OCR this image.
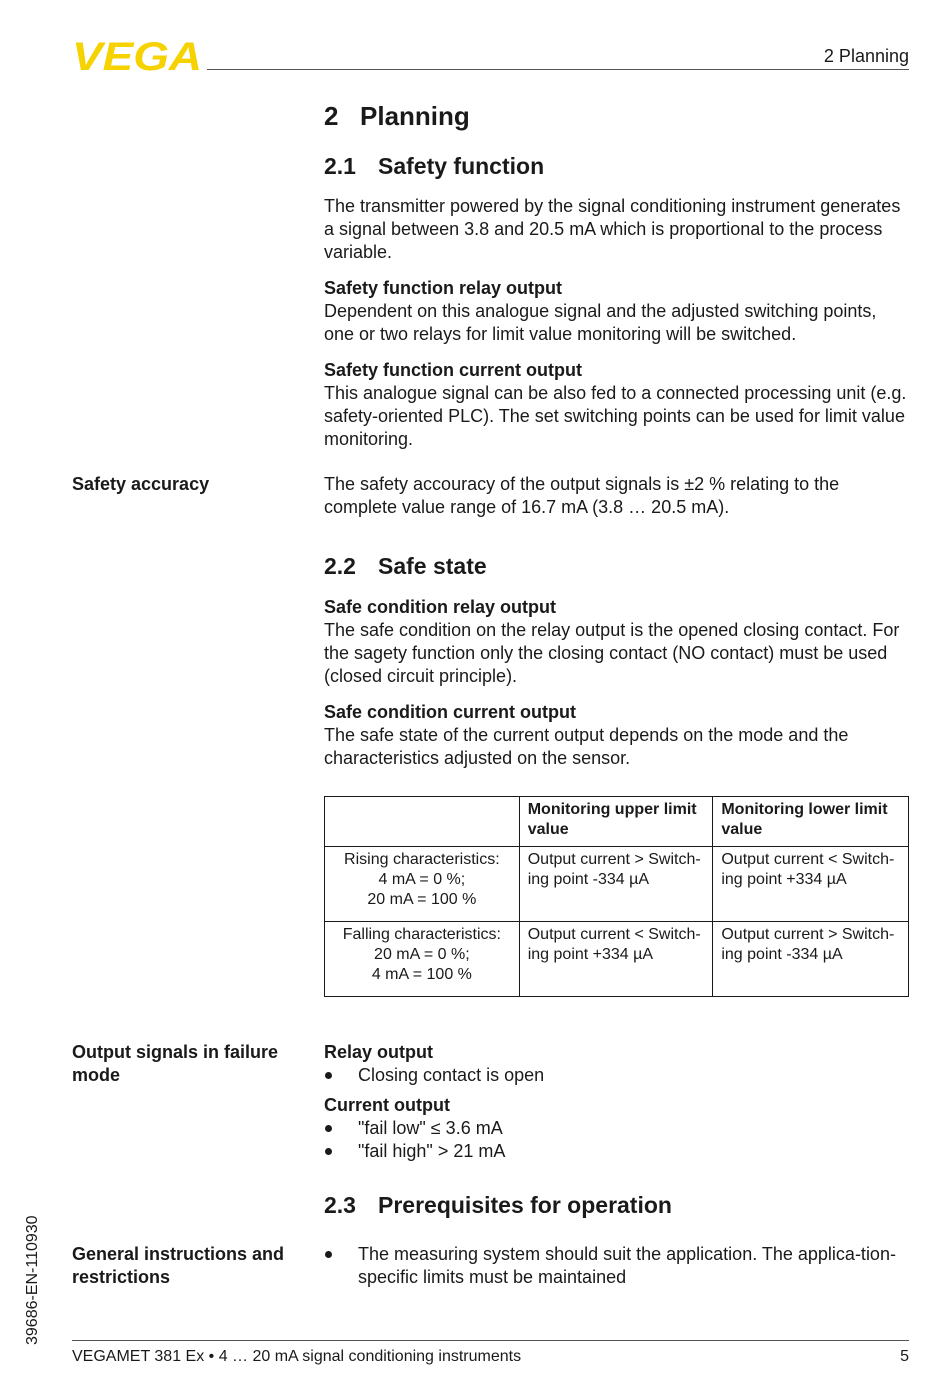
VEGA	2 Planning
2 Planning
2.1 Safety function

The transmitter powered by the signal conditioning instrument generates a signal between 3.8 and 20.5 mA which is proportional to the process variable.

Safety function relay output
Dependent on this analogue signal and the adjusted switching points, one or two relays for limit value monitoring will be switched.

Safety function current output
This analogue signal can be also fed to a connected processing unit (e.g. safety-oriented PLC). The set switching points can be used for limit value monitoring.

Safety accuracy	The safety accouracy of the output signals is ±2 % relating to the complete value range of 16.7 mA (3.8 … 20.5 mA).

2.2 Safe state

Safe condition relay output
The safe condition on the relay output is the opened closing contact. For the sagety function only the closing contact (NO contact) must be used (closed circuit principle).

Safe condition current output
The safe state of the current output depends on the mode and the characteristics adjusted on the sensor.

	Monitoring upper limit value	Monitoring lower limit value
Rising characteristics:
4 mA = 0 %;
20 mA = 100 %	Output current > Switch-ing point -334 µA	Output current < Switch-ing point +334 µA
Falling characteristics:
20 mA = 0 %;
4 mA = 100 %	Output current < Switch-ing point +334 µA	Output current > Switch-ing point -334 µA
Output signals in failure mode
Relay output
Closing contact is open
Current output
"fail low" ≤ 3.6 mA
"fail high" > 21 mA
2.3 Prerequisites for operation
General instructions and restrictions
The measuring system should suit the application. The applica-tion-specific limits must be maintained
39686-EN-110930
VEGAMET 381 Ex • 4 … 20 mA signal conditioning instruments	5
